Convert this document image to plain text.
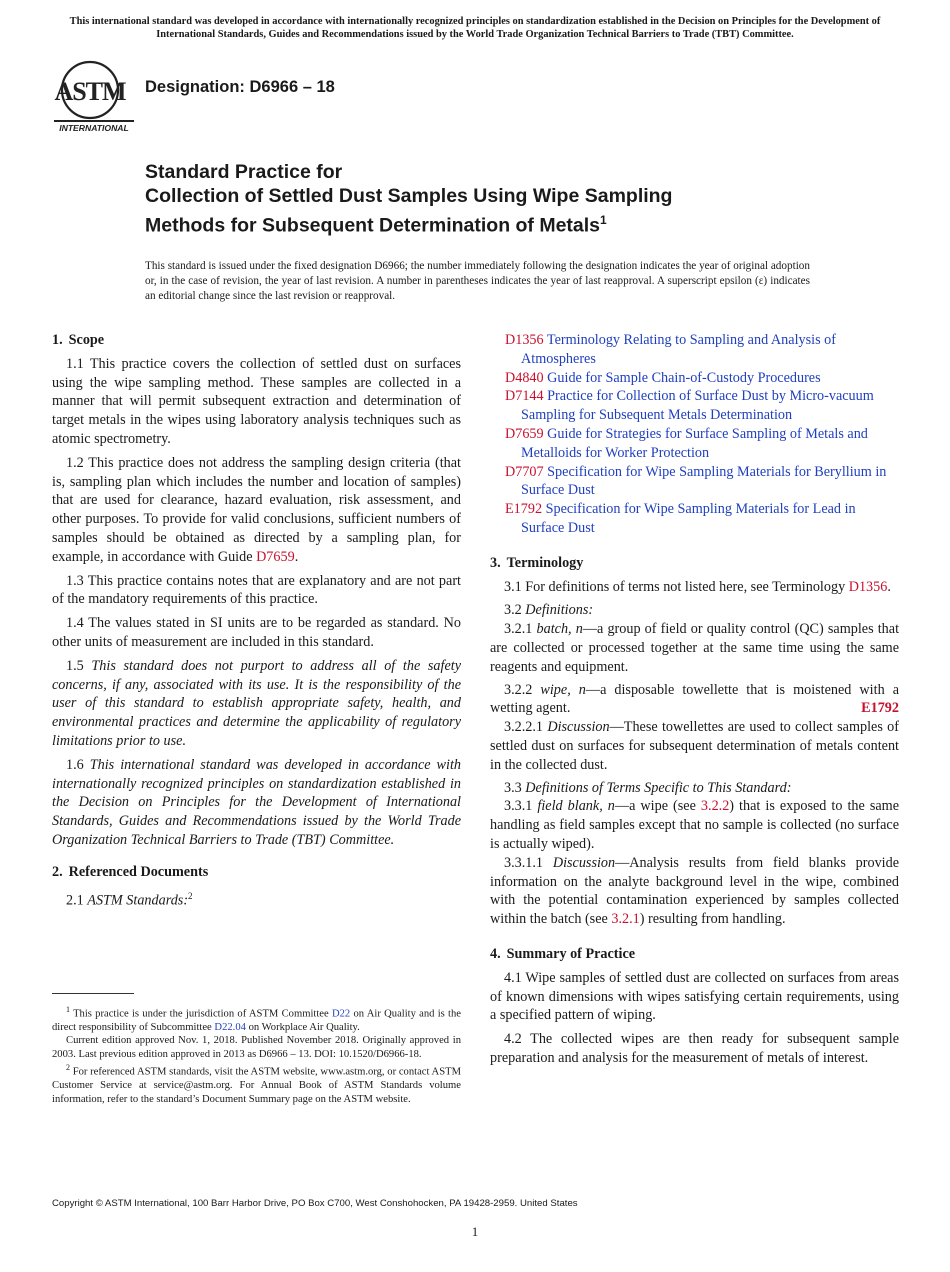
This international standard was developed in accordance with internationally recognized principles on standardization established in the Decision on Principles for the Development of International Standards, Guides and Recommendations issued by the World Trade Organization Technical Barriers to Trade (TBT) Committee.
ASTM
INTERNATIONAL
Designation: D6966 – 18
Standard Practice for
Collection of Settled Dust Samples Using Wipe Sampling
Methods for Subsequent Determination of Metals$^1$
This standard is issued under the fixed designation D6966; the number immediately following the designation indicates the year of original adoption or, in the case of revision, the year of last revision. A number in parentheses indicates the year of last reapproval. A superscript epsilon (ε) indicates an editorial change since the last revision or reapproval.
1. Scope

1.1 This practice covers the collection of settled dust on surfaces using the wipe sampling method. These samples are collected in a manner that will permit subsequent extraction and determination of target metals in the wipes using laboratory analysis techniques such as atomic spectrometry.

1.2 This practice does not address the sampling design criteria (that is, sampling plan which includes the number and location of samples) that are used for clearance, hazard evaluation, risk assessment, and other purposes. To provide for valid conclusions, sufficient numbers of samples should be obtained as directed by a sampling plan, for example, in accordance with Guide D7659.

1.3 This practice contains notes that are explanatory and are not part of the mandatory requirements of this practice.

1.4 The values stated in SI units are to be regarded as standard. No other units of measurement are included in this standard.

1.5 This standard does not purport to address all of the safety concerns, if any, associated with its use. It is the responsibility of the user of this standard to establish appropriate safety, health, and environmental practices and determine the applicability of regulatory limitations prior to use.

1.6 This international standard was developed in accordance with internationally recognized principles on standardization established in the Decision on Principles for the Development of International Standards, Guides and Recommendations issued by the World Trade Organization Technical Barriers to Trade (TBT) Committee.

2. Referenced Documents

2.1 ASTM Standards:$^2$

$^1$ This practice is under the jurisdiction of ASTM Committee D22 on Air Quality and is the direct responsibility of Subcommittee D22.04 on Workplace Air Quality.

Current edition approved Nov. 1, 2018. Published November 2018. Originally approved in 2003. Last previous edition approved in 2013 as D6966 – 13. DOI: 10.1520/D6966-18.

$^2$ For referenced ASTM standards, visit the ASTM website, www.astm.org, or contact ASTM Customer Service at service@astm.org. For Annual Book of ASTM Standards volume information, refer to the standard’s Document Summary page on the ASTM website.

D1356 Terminology Relating to Sampling and Analysis of Atmospheres

D4840 Guide for Sample Chain-of-Custody Procedures

D7144 Practice for Collection of Surface Dust by Micro-vacuum Sampling for Subsequent Metals Determination

D7659 Guide for Strategies for Surface Sampling of Metals and Metalloids for Worker Protection

D7707 Specification for Wipe Sampling Materials for Beryllium in Surface Dust

E1792 Specification for Wipe Sampling Materials for Lead in Surface Dust

3. Terminology

3.1 For definitions of terms not listed here, see Terminology D1356.

3.2 Definitions:

3.2.1 batch, n—a group of field or quality control (QC) samples that are collected or processed together at the same time using the same reagents and equipment.

3.2.2 wipe, n—a disposable towellette that is moistened with a wetting agent.	E1792

3.2.2.1 Discussion—These towellettes are used to collect samples of settled dust on surfaces for subsequent determination of metals content in the collected dust.

3.3 Definitions of Terms Specific to This Standard:

3.3.1 field blank, n—a wipe (see 3.2.2) that is exposed to the same handling as field samples except that no sample is collected (no surface is actually wiped).

3.3.1.1 Discussion—Analysis results from field blanks provide information on the analyte background level in the wipe, combined with the potential contamination experienced by samples collected within the batch (see 3.2.1) resulting from handling.

4. Summary of Practice

4.1 Wipe samples of settled dust are collected on surfaces from areas of known dimensions with wipes satisfying certain requirements, using a specified pattern of wiping.

4.2 The collected wipes are then ready for subsequent sample preparation and analysis for the measurement of metals of interest.

Copyright © ASTM International, 100 Barr Harbor Drive, PO Box C700, West Conshohocken, PA 19428-2959. United States
1
